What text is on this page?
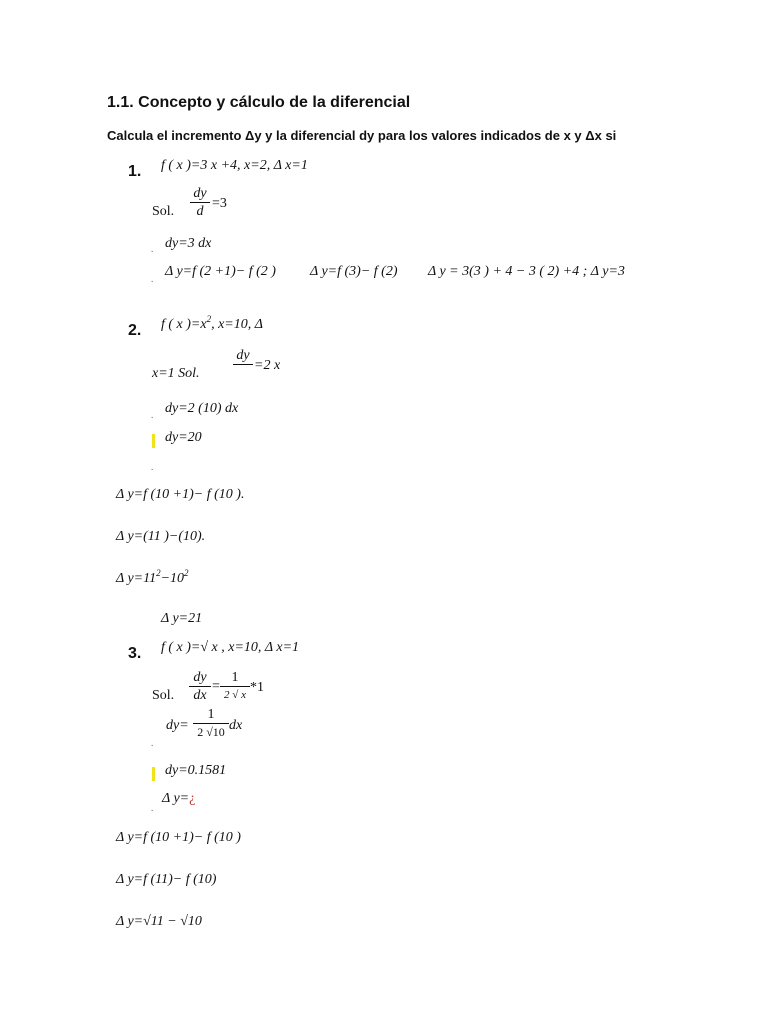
1.1. Concepto y cálculo de la diferencial
Calcula el incremento Δy y la diferencial dy para los valores indicados de x y Δx si
1. f ( x )=3 x +4, x=2, Δ x=1
Sol.
dy
d
=3
. dy=3 dx
. Δ y=f (2 +1)− f (2 ) Δ y=f (3)− f (2) Δ y = 3(3 ) + 4 − 3 ( 2) +4 ; Δ y=3
2. f ( x )$=x^2$, x=10, Δ
x=1 Sol.
dy
=2 x
. dy=2 (10) dx
dy=20
.
Δ y=f (10 +1)− f (10 ).
Δ y=(11 )−(10).
Δ $y=11^2-10^2$
Δ y=21
3. f ( x )=√ x , x=10, Δ x=1
Sol.
dy
dx
=
1
2 √ x *1
dy=
1
2 √10 dx
.
dy=0.1581
Δ y=¿
.
Δ y=f (10 +1)− f (10 )
Δ y=f (11)− f (10)
Δ y=√11 − √10
